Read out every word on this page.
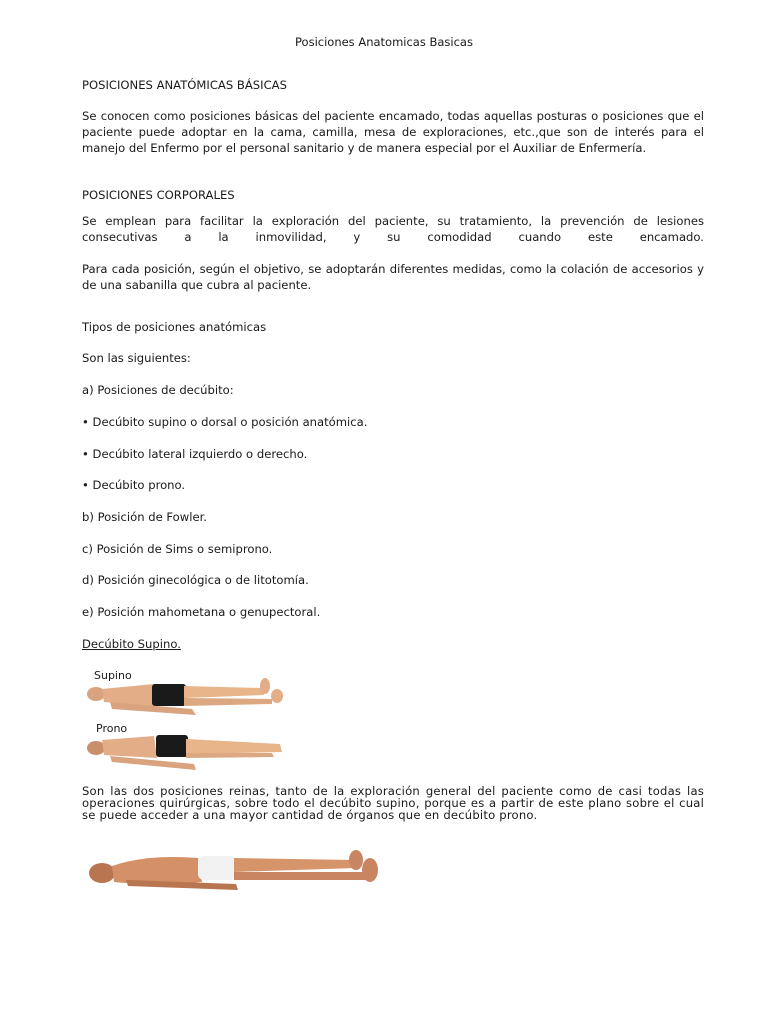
Posiciones Anatomicas Basicas

POSICIONES ANATÓMICAS BÁSICAS

Se conocen como posiciones básicas del paciente encamado, todas aquellas posturas o posiciones que el paciente puede adoptar en la cama, camilla, mesa de exploraciones, etc.,que son de interés para el manejo del Enfermo por el personal sanitario y de manera especial por el Auxiliar de Enfermería.

POSICIONES CORPORALES

Se emplean para facilitar la exploración del paciente, su tratamiento, la prevención de lesiones consecutivas a la inmovilidad, y su comodidad cuando este encamado.

Para cada posición, según el objetivo, se adoptarán diferentes medidas, como la colación de accesorios y de una sabanilla que cubra al paciente.

Tipos de posiciones anatómicas

Son las siguientes:

a) Posiciones de decúbito:

• Decúbito supino o dorsal o posición anatómica.

• Decúbito lateral izquierdo o derecho.

• Decúbito prono.

b) Posición de Fowler.

c) Posición de Sims o semiprono.

d) Posición ginecológica o de litotomía.

e) Posición mahometana o genupectoral.

Decúbito Supino.

Supino
Prono

Son las dos posiciones reinas, tanto de la exploración general del paciente como de casi todas las operaciones quirúrgicas, sobre todo el decúbito supino, porque es a partir de este plano sobre el cual se puede acceder a una mayor cantidad de órganos que en decúbito prono.
